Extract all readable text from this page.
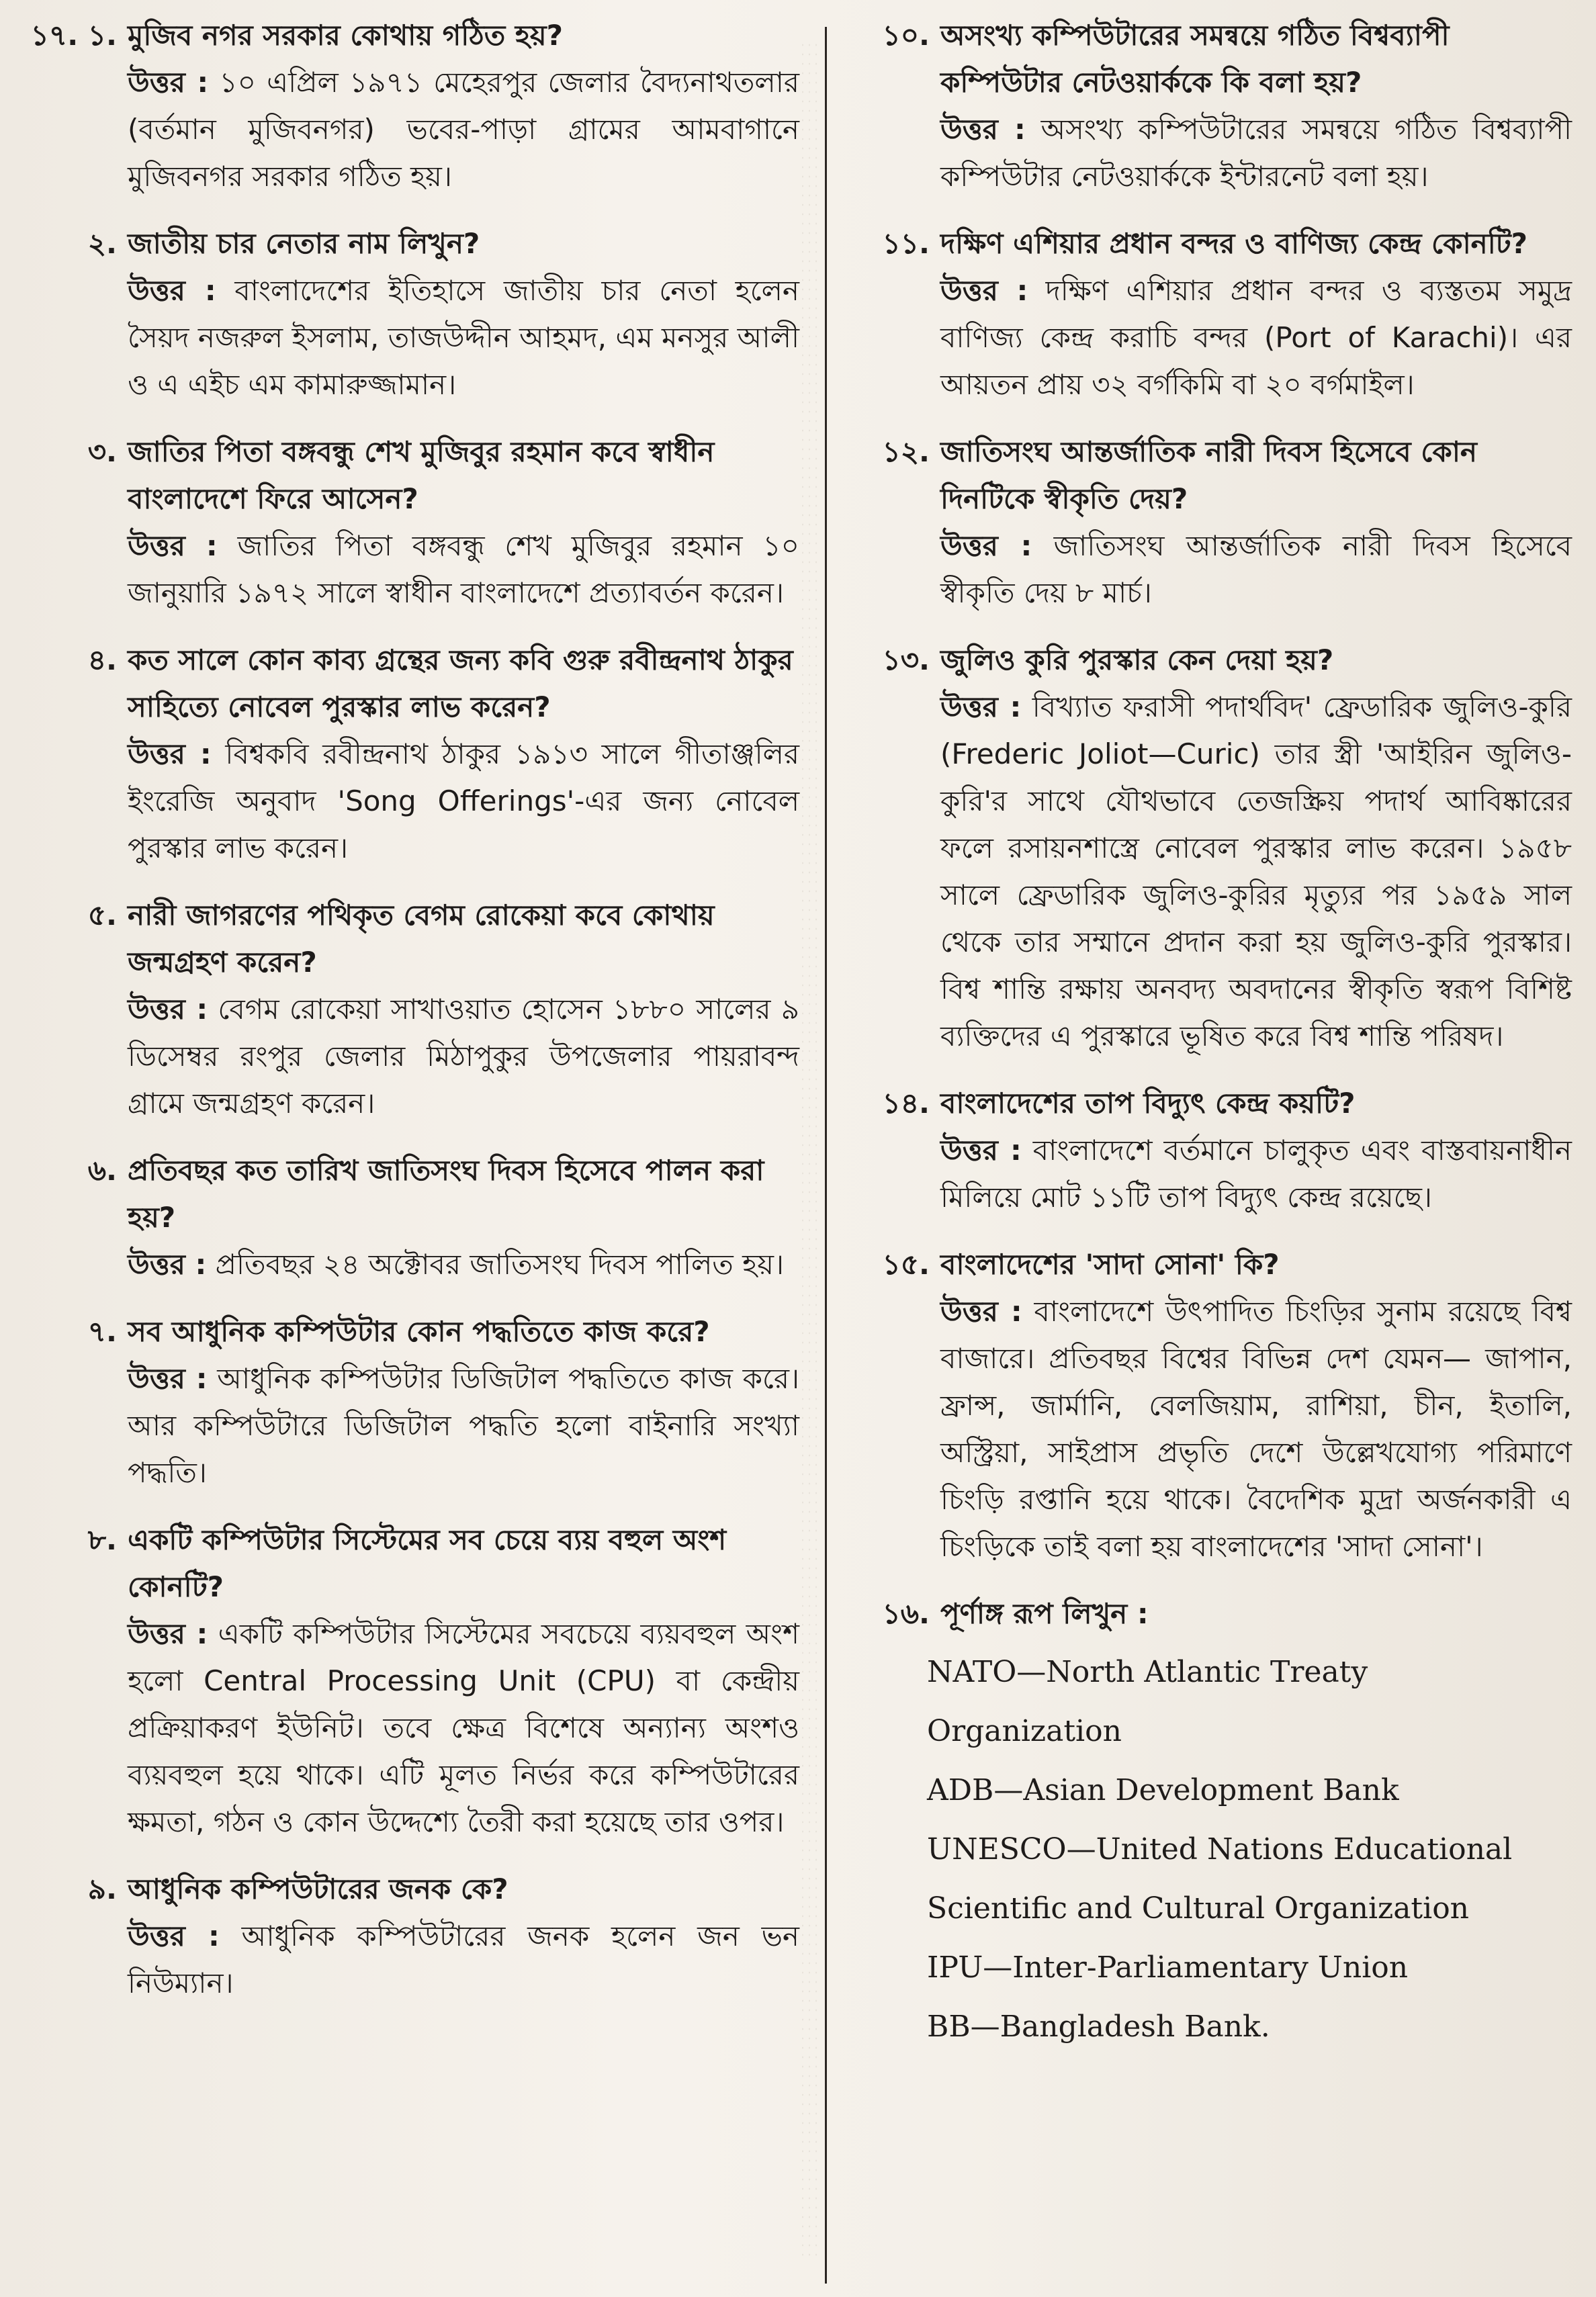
১৭. ১. মুজিব নগর সরকার কোথায় গঠিত হয়?
উত্তর : ১০ এপ্রিল ১৯৭১ মেহেরপুর জেলার বৈদ্যনাথতলার (বর্তমান মুজিবনগর) ভবের-পাড়া গ্রামের আমবাগানে মুজিবনগর সরকার গঠিত হয়।
২. জাতীয় চার নেতার নাম লিখুন?
উত্তর : বাংলাদেশের ইতিহাসে জাতীয় চার নেতা হলেন সৈয়দ নজরুল ইসলাম, তাজউদ্দীন আহমদ, এম মনসুর আলী ও এ এইচ এম কামারুজ্জামান।
৩. জাতির পিতা বঙ্গবন্ধু শেখ মুজিবুর রহমান কবে স্বাধীন বাংলাদেশে ফিরে আসেন?
উত্তর : জাতির পিতা বঙ্গবন্ধু শেখ মুজিবুর রহমান ১০ জানুয়ারি ১৯৭২ সালে স্বাধীন বাংলাদেশে প্রত্যাবর্তন করেন।
৪. কত সালে কোন কাব্য গ্রন্থের জন্য কবি গুরু রবীন্দ্রনাথ ঠাকুর সাহিত্যে নোবেল পুরস্কার লাভ করেন?
উত্তর : বিশ্বকবি রবীন্দ্রনাথ ঠাকুর ১৯১৩ সালে গীতাঞ্জলির ইংরেজি অনুবাদ 'Song Offerings'-এর জন্য নোবেল পুরস্কার লাভ করেন।
৫. নারী জাগরণের পথিকৃত বেগম রোকেয়া কবে কোথায় জন্মগ্রহণ করেন?
উত্তর : বেগম রোকেয়া সাখাওয়াত হোসেন ১৮৮০ সালের ৯ ডিসেম্বর রংপুর জেলার মিঠাপুকুর উপজেলার পায়রাবন্দ গ্রামে জন্মগ্রহণ করেন।
৬. প্রতিবছর কত তারিখ জাতিসংঘ দিবস হিসেবে পালন করা হয়?
উত্তর : প্রতিবছর ২৪ অক্টোবর জাতিসংঘ দিবস পালিত হয়।
৭. সব আধুনিক কম্পিউটার কোন পদ্ধতিতে কাজ করে?
উত্তর : আধুনিক কম্পিউটার ডিজিটাল পদ্ধতিতে কাজ করে। আর কম্পিউটারে ডিজিটাল পদ্ধতি হলো বাইনারি সংখ্যা পদ্ধতি।
৮. একটি কম্পিউটার সিস্টেমের সব চেয়ে ব্যয় বহুল অংশ কোনটি?
উত্তর : একটি কম্পিউটার সিস্টেমের সবচেয়ে ব্যয়বহুল অংশ হলো Central Processing Unit (CPU) বা কেন্দ্রীয় প্রক্রিয়াকরণ ইউনিট। তবে ক্ষেত্র বিশেষে অন্যান্য অংশও ব্যয়বহুল হয়ে থাকে। এটি মূলত নির্ভর করে কম্পিউটারের ক্ষমতা, গঠন ও কোন উদ্দেশ্যে তৈরী করা হয়েছে তার ওপর।
৯. আধুনিক কম্পিউটারের জনক কে?
উত্তর : আধুনিক কম্পিউটারের জনক হলেন জন ভন নিউম্যান।
১০. অসংখ্য কম্পিউটারের সমন্বয়ে গঠিত বিশ্বব্যাপী কম্পিউটার নেটওয়ার্ককে কি বলা হয়?
উত্তর : অসংখ্য কম্পিউটারের সমন্বয়ে গঠিত বিশ্বব্যাপী কম্পিউটার নেটওয়ার্ককে ইন্টারনেট বলা হয়।
১১. দক্ষিণ এশিয়ার প্রধান বন্দর ও বাণিজ্য কেন্দ্র কোনটি?
উত্তর : দক্ষিণ এশিয়ার প্রধান বন্দর ও ব্যস্ততম সমুদ্র বাণিজ্য কেন্দ্র করাচি বন্দর (Port of Karachi)। এর আয়তন প্রায় ৩২ বর্গকিমি বা ২০ বর্গমাইল।
১২. জাতিসংঘ আন্তর্জাতিক নারী দিবস হিসেবে কোন দিনটিকে স্বীকৃতি দেয়?
উত্তর : জাতিসংঘ আন্তর্জাতিক নারী দিবস হিসেবে স্বীকৃতি দেয় ৮ মার্চ।
১৩. জুলিও কুরি পুরস্কার কেন দেয়া হয়?
উত্তর : বিখ্যাত ফরাসী পদার্থবিদ' ফ্রেডারিক জুলিও-কুরি (Frederic Joliot—Curic) তার স্ত্রী 'আইরিন জুলিও-কুরি'র সাথে যৌথভাবে তেজস্ক্রিয় পদার্থ আবিষ্কারের ফলে রসায়নশাস্ত্রে নোবেল পুরস্কার লাভ করেন। ১৯৫৮ সালে ফ্রেডারিক জুলিও-কুরির মৃত্যুর পর ১৯৫৯ সাল থেকে তার সম্মানে প্রদান করা হয় জুলিও-কুরি পুরস্কার। বিশ্ব শান্তি রক্ষায় অনবদ্য অবদানের স্বীকৃতি স্বরূপ বিশিষ্ট ব্যক্তিদের এ পুরস্কারে ভূষিত করে বিশ্ব শান্তি পরিষদ।
১৪. বাংলাদেশের তাপ বিদ্যুৎ কেন্দ্র কয়টি?
উত্তর : বাংলাদেশে বর্তমানে চালুকৃত এবং বাস্তবায়নাধীন মিলিয়ে মোট ১১টি তাপ বিদ্যুৎ কেন্দ্র রয়েছে।
১৫. বাংলাদেশের 'সাদা সোনা' কি?
উত্তর : বাংলাদেশে উৎপাদিত চিংড়ির সুনাম রয়েছে বিশ্ব বাজারে। প্রতিবছর বিশ্বের বিভিন্ন দেশ যেমন— জাপান, ফ্রান্স, জার্মানি, বেলজিয়াম, রাশিয়া, চীন, ইতালি, অস্ট্রিয়া, সাইপ্রাস প্রভৃতি দেশে উল্লেখযোগ্য পরিমাণে চিংড়ি রপ্তানি হয়ে থাকে। বৈদেশিক মুদ্রা অর্জনকারী এ চিংড়িকে তাই বলা হয় বাংলাদেশের 'সাদা সোনা'।
১৬. পূর্ণাঙ্গ রূপ লিখুন :
NATO—North Atlantic Treaty Organization
ADB—Asian Development Bank
UNESCO—United Nations Educational Scientific and Cultural Organization
IPU—Inter-Parliamentary Union
BB—Bangladesh Bank.
